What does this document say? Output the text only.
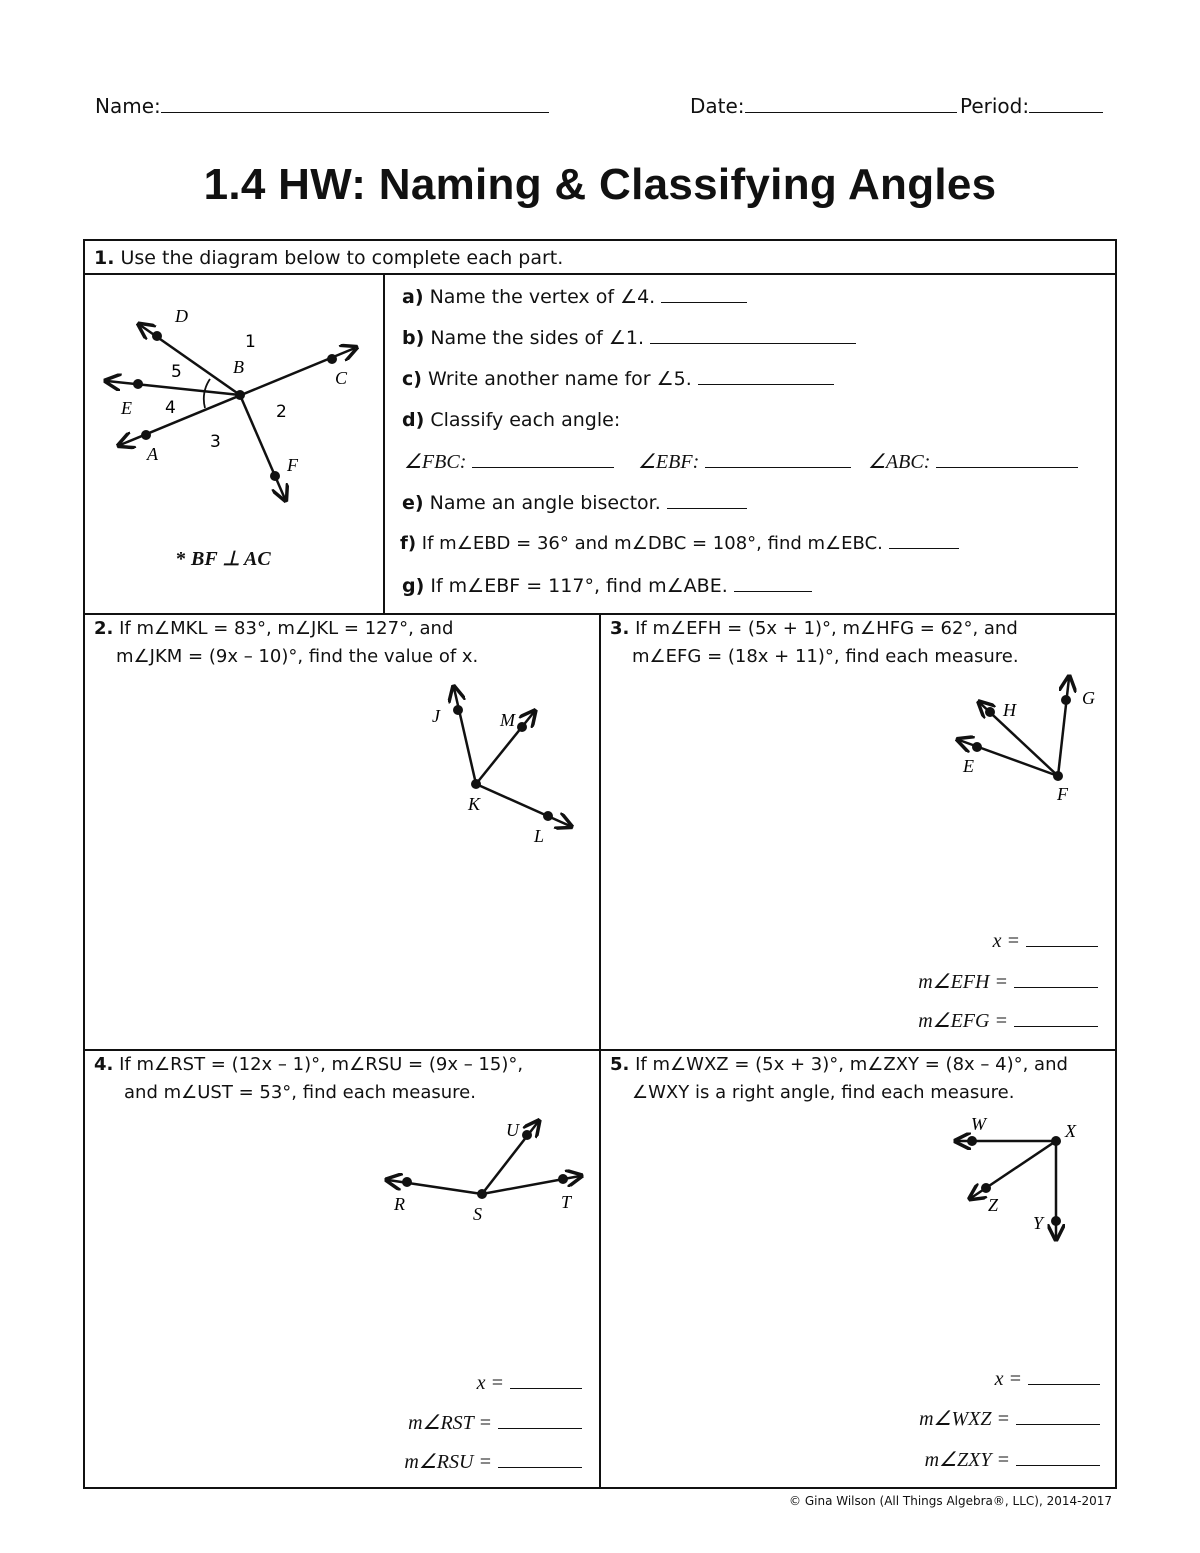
Name:	Date:	Period:
1.4 HW: Naming & Classifying Angles
1. Use the diagram below to complete each part.
D
B
C
E
A
F
1
2
3
4
5
* BF ⊥ AC
a) Name the vertex of ∠4.
b) Name the sides of ∠1.
c) Write another name for ∠5.
d) Classify each angle:
∠FBC:	∠EBF:	∠ABC:
e) Name an angle bisector.
f) If m∠EBD = 36° and m∠DBC = 108°, find m∠EBC.
g) If m∠EBF = 117°, find m∠ABE.
2. If m∠MKL = 83°, m∠JKL = 127°, and
m∠JKM = (9x – 10)°, find the value of x.
J	M
K
L
3. If m∠EFH = (5x + 1)°, m∠HFG = 62°, and
m∠EFG = (18x + 11)°, find each measure.
H
G
E
F
x =
m∠EFH =
m∠EFG =
4. If m∠RST = (12x – 1)°, m∠RSU = (9x – 15)°,
and m∠UST = 53°, find each measure.
U
R	S
T
x =
m∠RST =
m∠RSU =
5. If m∠WXZ = (5x + 3)°, m∠ZXY = (8x – 4)°, and
∠WXY is a right angle, find each measure.
W	X
Z
Y
x =
m∠WXZ =
m∠ZXY =
© Gina Wilson (All Things Algebra®, LLC), 2014-2017
